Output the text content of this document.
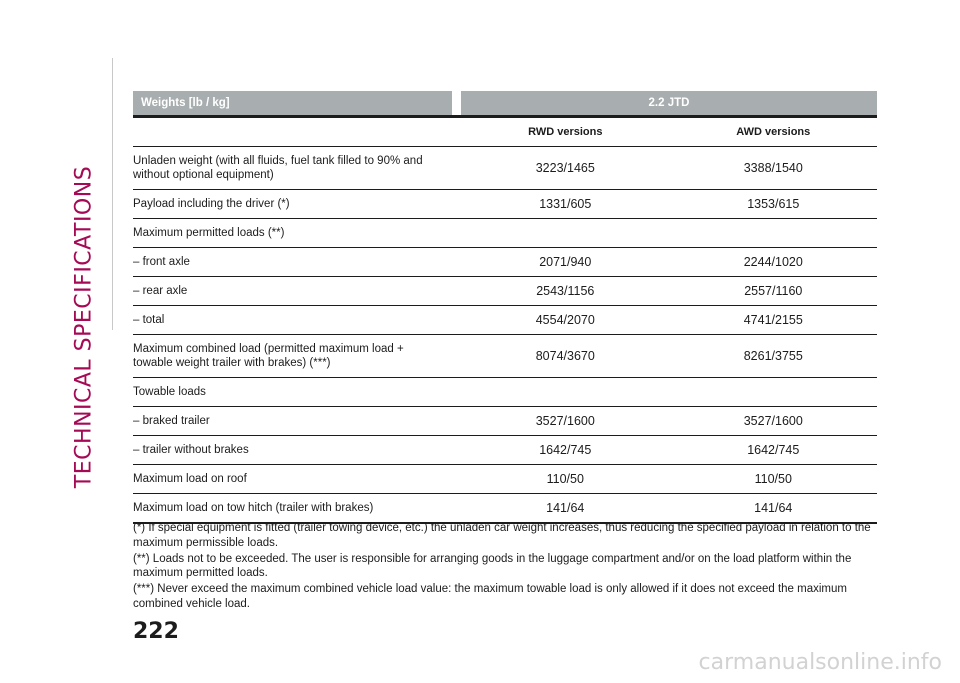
TECHNICAL SPECIFICATIONS
Weights [lb / kg]		2.2 JTD	

		RWD versions	AWD versions
Unladen weight (with all fluids, fuel tank filled to 90% and without optional equipment)		3223/1465	3388/1540
Payload including the driver (*)		1331/605	1353/615
Maximum permitted loads (**)			
– front axle		2071/940	2244/1020
– rear axle		2543/1156	2557/1160
– total		4554/2070	4741/2155
Maximum combined load (permitted maximum load + towable weight trailer with brakes) (***)		8074/3670	8261/3755
Towable loads			
– braked trailer		3527/1600	3527/1600
– trailer without brakes		1642/745	1642/745
Maximum load on roof		110/50	110/50
Maximum load on tow hitch (trailer with brakes)		141/64	141/64

(*) If special equipment is fitted (trailer towing device, etc.) the unladen car weight increases, thus reducing the specified payload in relation to the maximum permissible loads.

(**) Loads not to be exceeded. The user is responsible for arranging goods in the luggage compartment and/or on the load platform within the maximum permitted loads.

(***) Never exceed the maximum combined vehicle load value: the maximum towable load is only allowed if it does not exceed the maximum combined vehicle load.

222
carmanualsonline.info
